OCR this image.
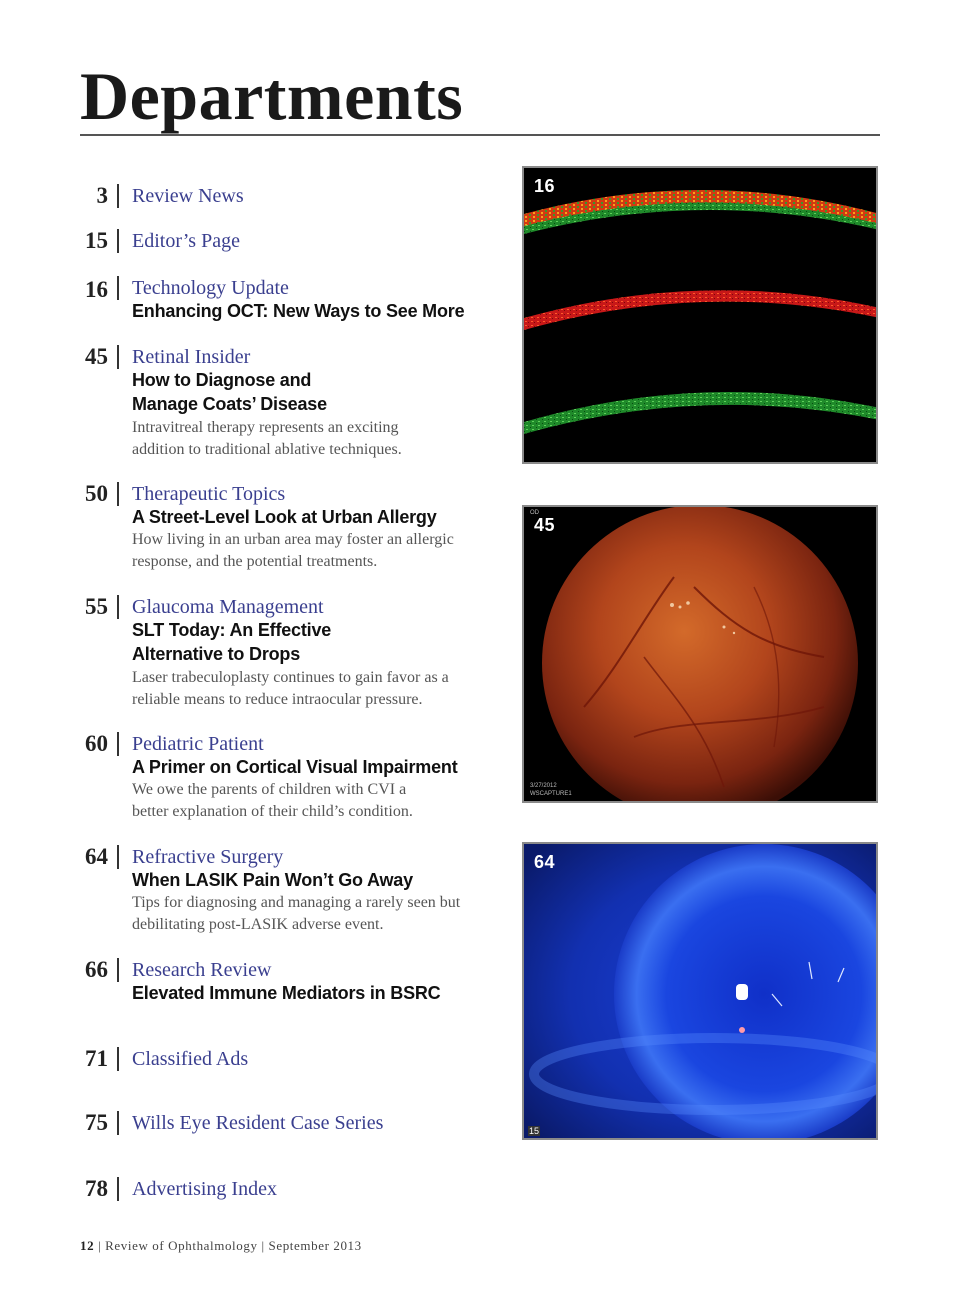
Departments
3 Review News
15 Editor’s Page
16 Technology Update
Enhancing OCT: New Ways to See More
45 Retinal Insider
How to Diagnose and Manage Coats’ Disease
Intravitreal therapy represents an exciting addition to traditional ablative techniques.
50 Therapeutic Topics
A Street-Level Look at Urban Allergy
How living in an urban area may foster an allergic response, and the potential treatments.
55 Glaucoma Management
SLT Today: An Effective Alternative to Drops
Laser trabeculoplasty continues to gain favor as a reliable means to reduce intraocular pressure.
60 Pediatric Patient
A Primer on Cortical Visual Impairment
We owe the parents of children with CVI a better explanation of their child’s condition.
64 Refractive Surgery
When LASIK Pain Won’t Go Away
Tips for diagnosing and managing a rarely seen but debilitating post-LASIK adverse event.
66 Research Review
Elevated Immune Mediators in BSRC
71 Classified Ads
75 Wills Eye Resident Case Series
78 Advertising Index
16
45
OD
3/27/2012
WSCAPTURE1
64
15
12 | Review of Ophthalmology | September 2013
